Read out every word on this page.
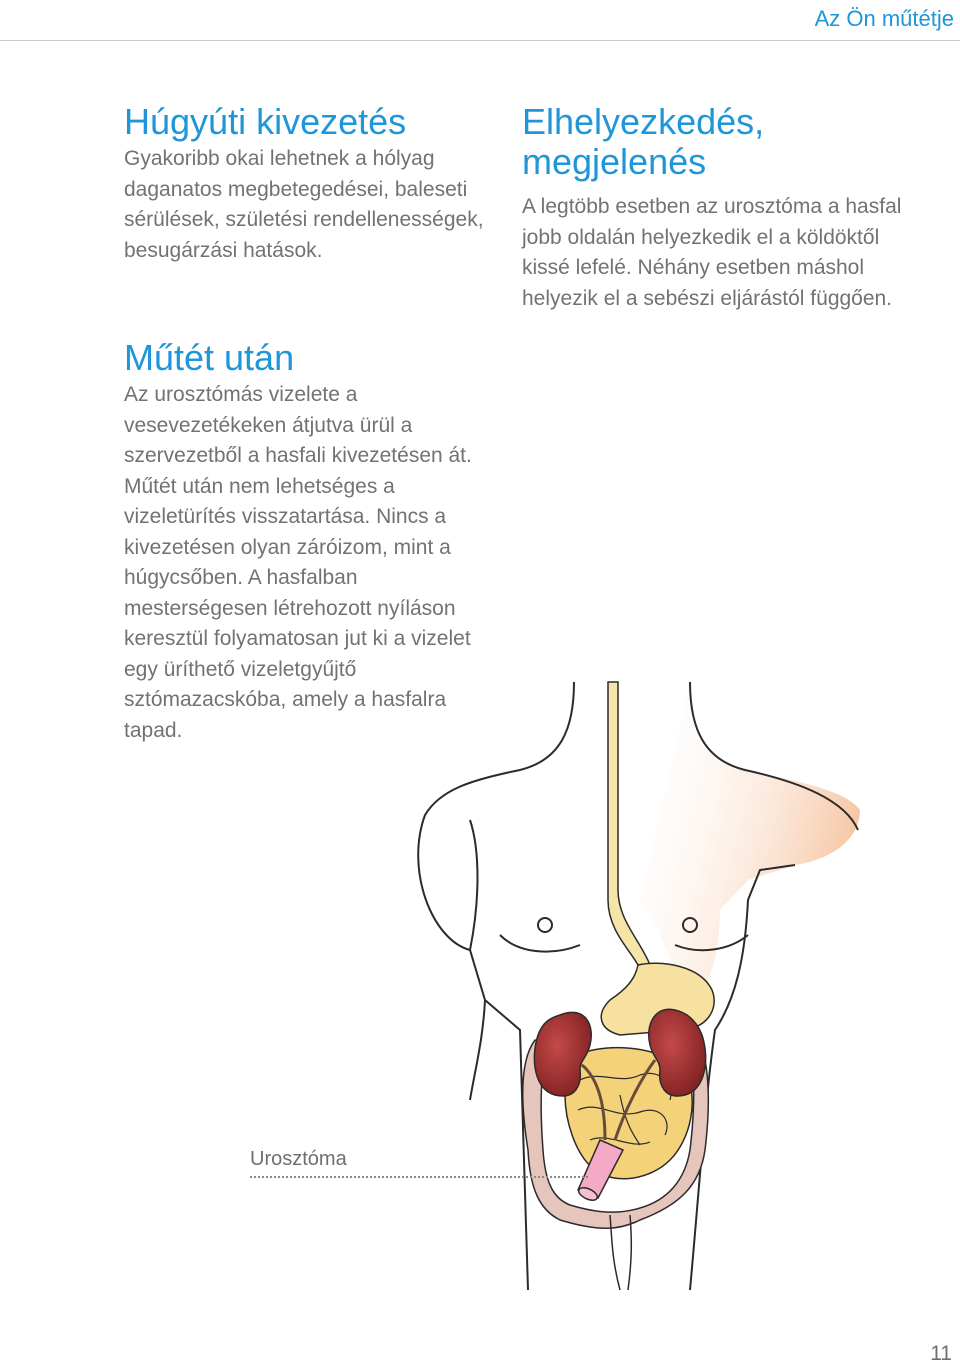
Az Ön műtétje
Húgyúti kivezetés

Gyakoribb okai lehetnek a hólyag daganatos megbetegedései, baleseti sérülések, születési rendellenességek, besugárzási hatások.

Műtét után

Az urosztómás vizelete a vesevezetékeken átjutva ürül a szervezetből a hasfali kivezetésen át. Műtét után nem lehetséges a vizeletürítés visszatartása. Nincs a kivezetésen olyan záróizom, mint a húgycsőben. A hasfalban mesterségesen létrehozott nyíláson keresztül folyamatosan jut ki a vizelet egy üríthető vizeletgyűjtő sztómazacskóba, amely a hasfalra tapad.

Elhelyezkedés, megjelenés

A legtöbb esetben az urosztóma a hasfal jobb oldalán helyezkedik el a köldöktől kissé lefelé. Néhány esetben máshol helyezik el a sebészi eljárástól függően.

Urosztóma
11
